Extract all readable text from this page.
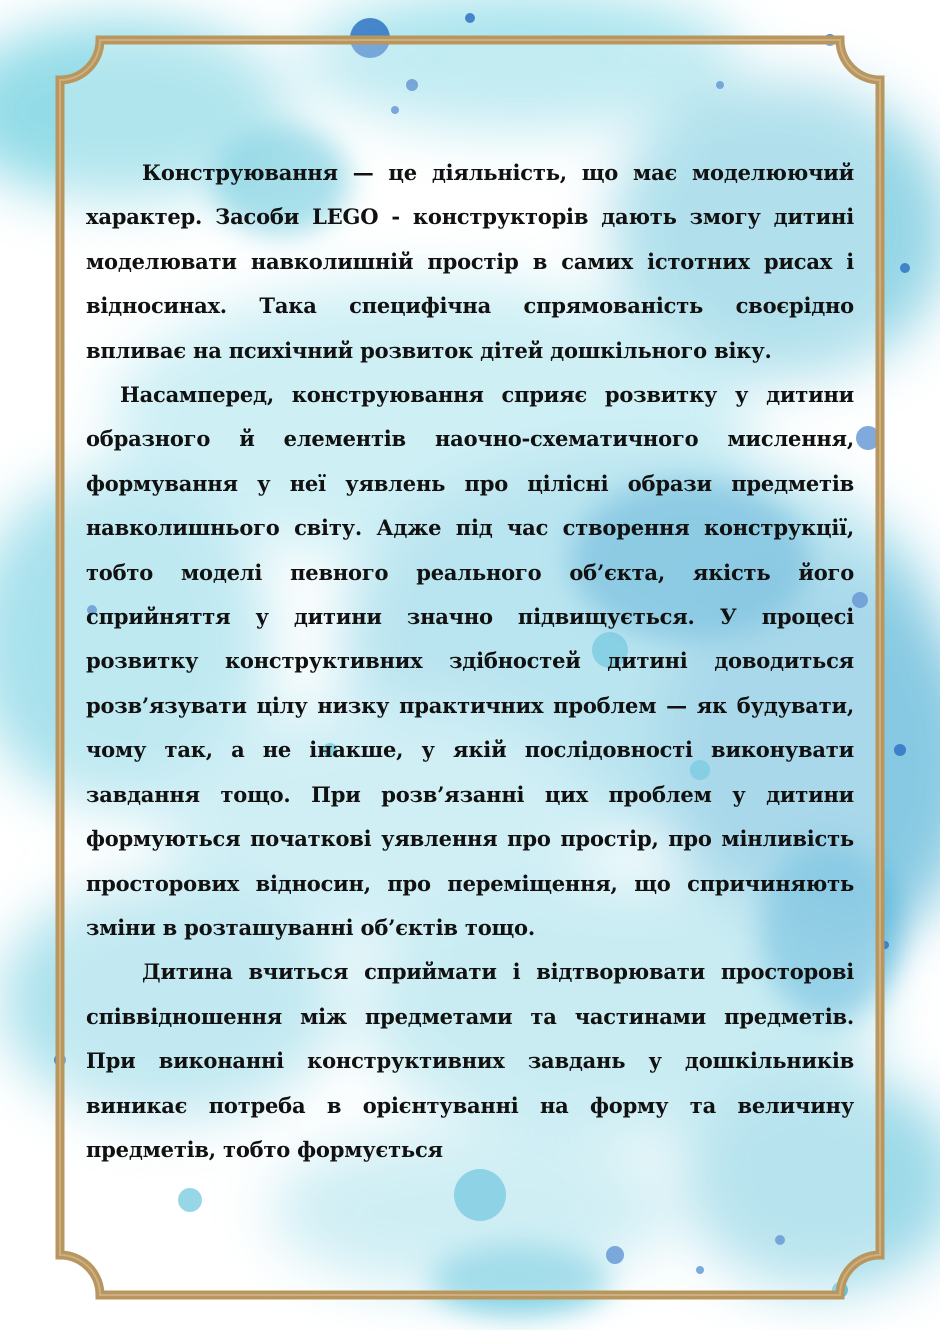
Конструювання — це діяльність, що має моделюючий характер. Засоби LEGO - конструкторів дають змогу дитині моделювати навколишній простір в самих істотних рисах і відносинах. Така специфічна спрямованість своєрідно впливає на психічний розвиток дітей дошкільного віку.

Насамперед, конструювання сприяє розвитку у дитини образного й елементів наочно-схематичного мислення, формування у неї уявлень про цілісні образи предметів навколишнього світу. Адже під час створення конструкції, тобто моделі певного реального об’єкта, якість його сприйняття у дитини значно підвищується. У процесі розвитку конструктивних здібностей дитині доводиться розв’язувати цілу низку практичних проблем — як будувати, чому так, а не інакше, у якій послідовності виконувати завдання тощо. При розв’язанні цих проблем у дитини формуються початкові уявлення про простір, про мінливість просторових відносин, про переміщення, що спричиняють зміни в розташуванні об’єктів тощо.

Дитина вчиться сприймати і відтворювати просторові співвідношення між предметами та частинами предметів. При виконанні конструктивних завдань у дошкільників виникає потреба в орієнтуванні на форму та величину предметів, тобто формується
